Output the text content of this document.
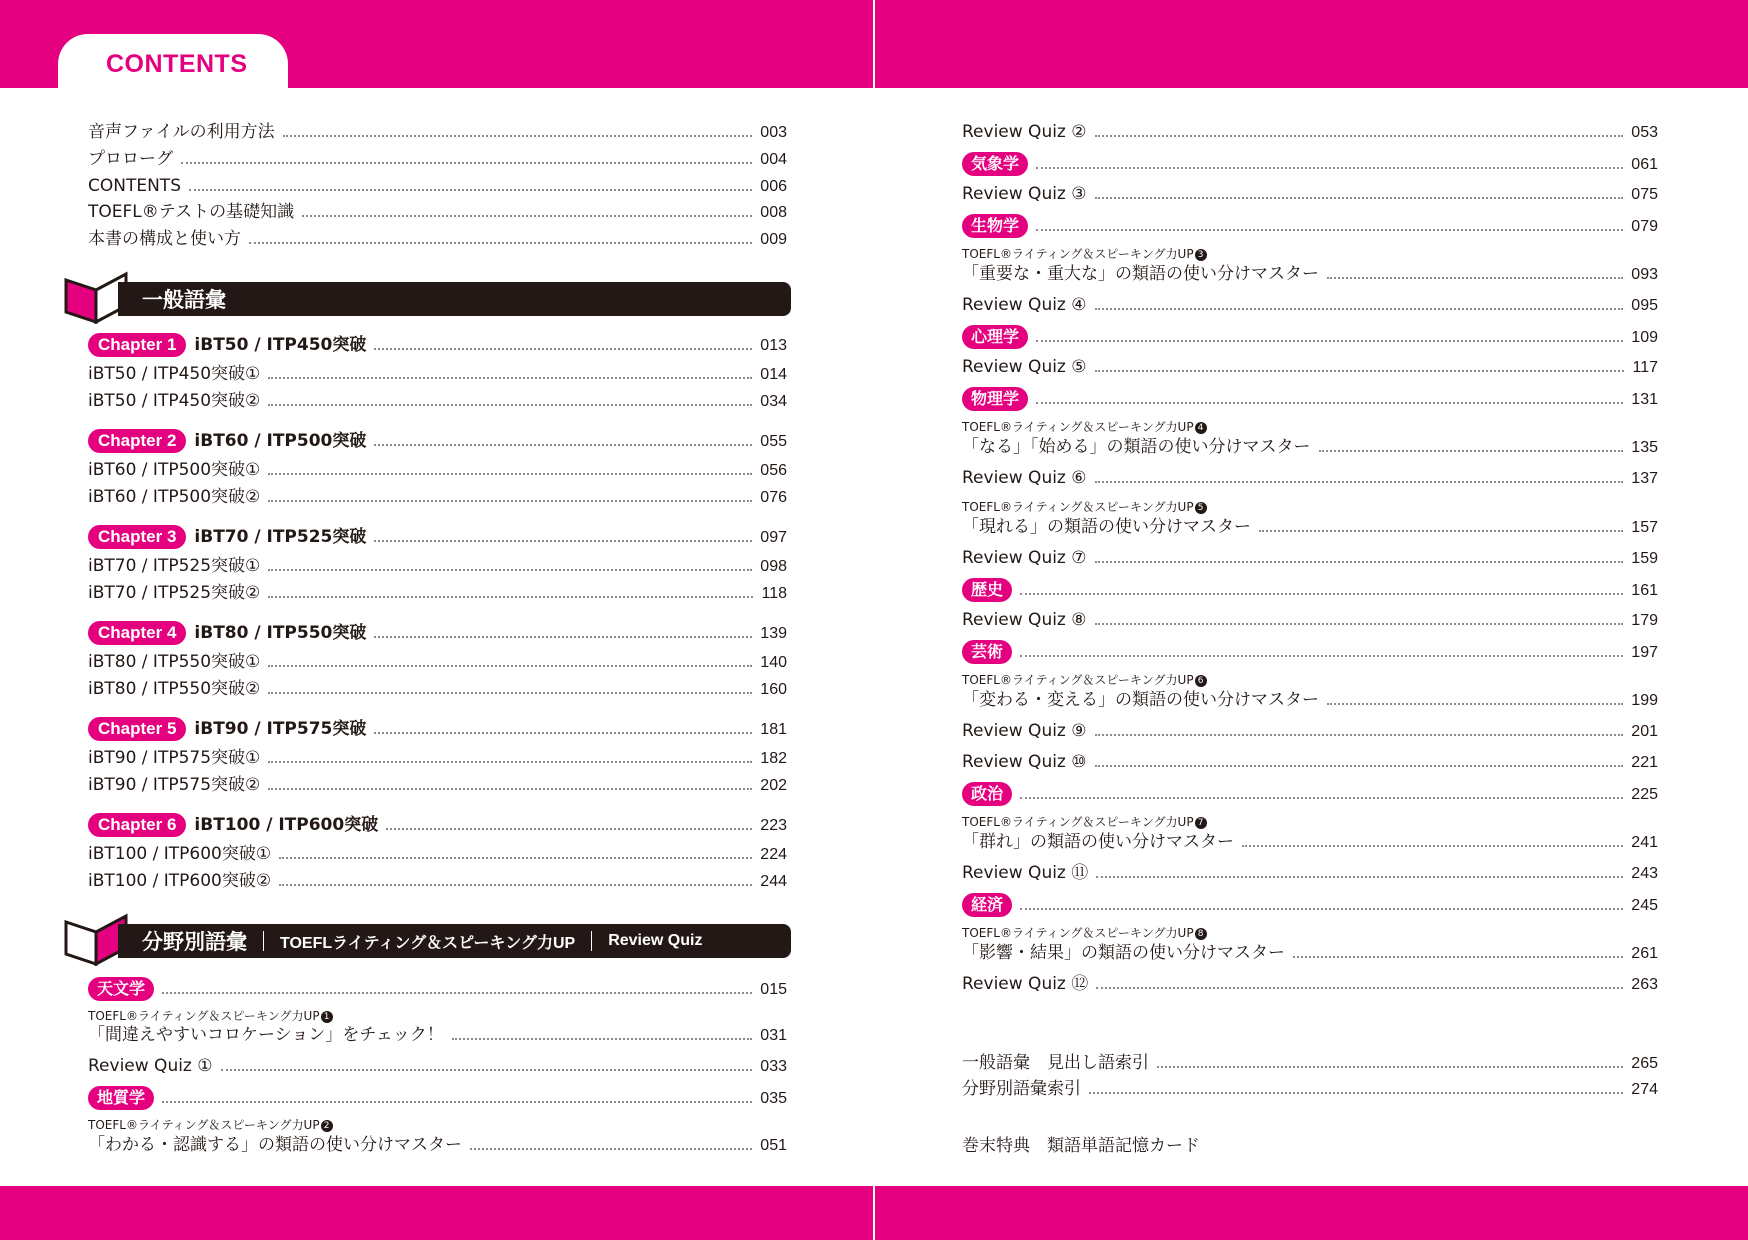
CONTENTS
音声ファイルの利用方法	003
プロローグ	004
CONTENTS	006
TOEFL®テストの基礎知識	008
本書の構成と使い方	009
一般語彙
Chapter 1 iBT50 / ITP450突破	013
iBT50 / ITP450突破①	014
iBT50 / ITP450突破②	034
Chapter 2 iBT60 / ITP500突破	055
iBT60 / ITP500突破①	056
iBT60 / ITP500突破②	076
Chapter 3 iBT70 / ITP525突破	097
iBT70 / ITP525突破①	098
iBT70 / ITP525突破②	118
Chapter 4 iBT80 / ITP550突破	139
iBT80 / ITP550突破①	140
iBT80 / ITP550突破②	160
Chapter 5 iBT90 / ITP575突破	181
iBT90 / ITP575突破①	182
iBT90 / ITP575突破②	202
Chapter 6 iBT100 / ITP600突破	223
iBT100 / ITP600突破①	224
iBT100 / ITP600突破②	244
分野別語彙 TOEFLライティング＆スピーキング力UP Review Quiz
天文学	015
TOEFL®ライティング＆スピーキング力UP 1
「間違えやすいコロケーション」をチェック！	031
Review Quiz ①	033
地質学	035
TOEFL®ライティング＆スピーキング力UP 2
「わかる・認識する」の類語の使い分けマスター	051
Review Quiz ②	053
気象学	061
Review Quiz ③	075
生物学	079
TOEFL®ライティング＆スピーキング力UP 3
「重要な・重大な」の類語の使い分けマスター	093
Review Quiz ④	095
心理学	109
Review Quiz ⑤	117
物理学	131
TOEFL®ライティング＆スピーキング力UP 4
「なる」「始める」の類語の使い分けマスター	135
Review Quiz ⑥	137
TOEFL®ライティング＆スピーキング力UP 5
「現れる」の類語の使い分けマスター	157
Review Quiz ⑦	159
歴史	161
Review Quiz ⑧	179
芸術	197
TOEFL®ライティング＆スピーキング力UP 6
「変わる・変える」の類語の使い分けマスター	199
Review Quiz ⑨	201
Review Quiz ⑩	221
政治	225
TOEFL®ライティング＆スピーキング力UP 7
「群れ」の類語の使い分けマスター	241
Review Quiz ⑪	243
経済	245
TOEFL®ライティング＆スピーキング力UP 8
「影響・結果」の類語の使い分けマスター	261
Review Quiz ⑫	263
一般語彙　見出し語索引	265
分野別語彙索引	274
巻末特典　類語単語記憶カード
